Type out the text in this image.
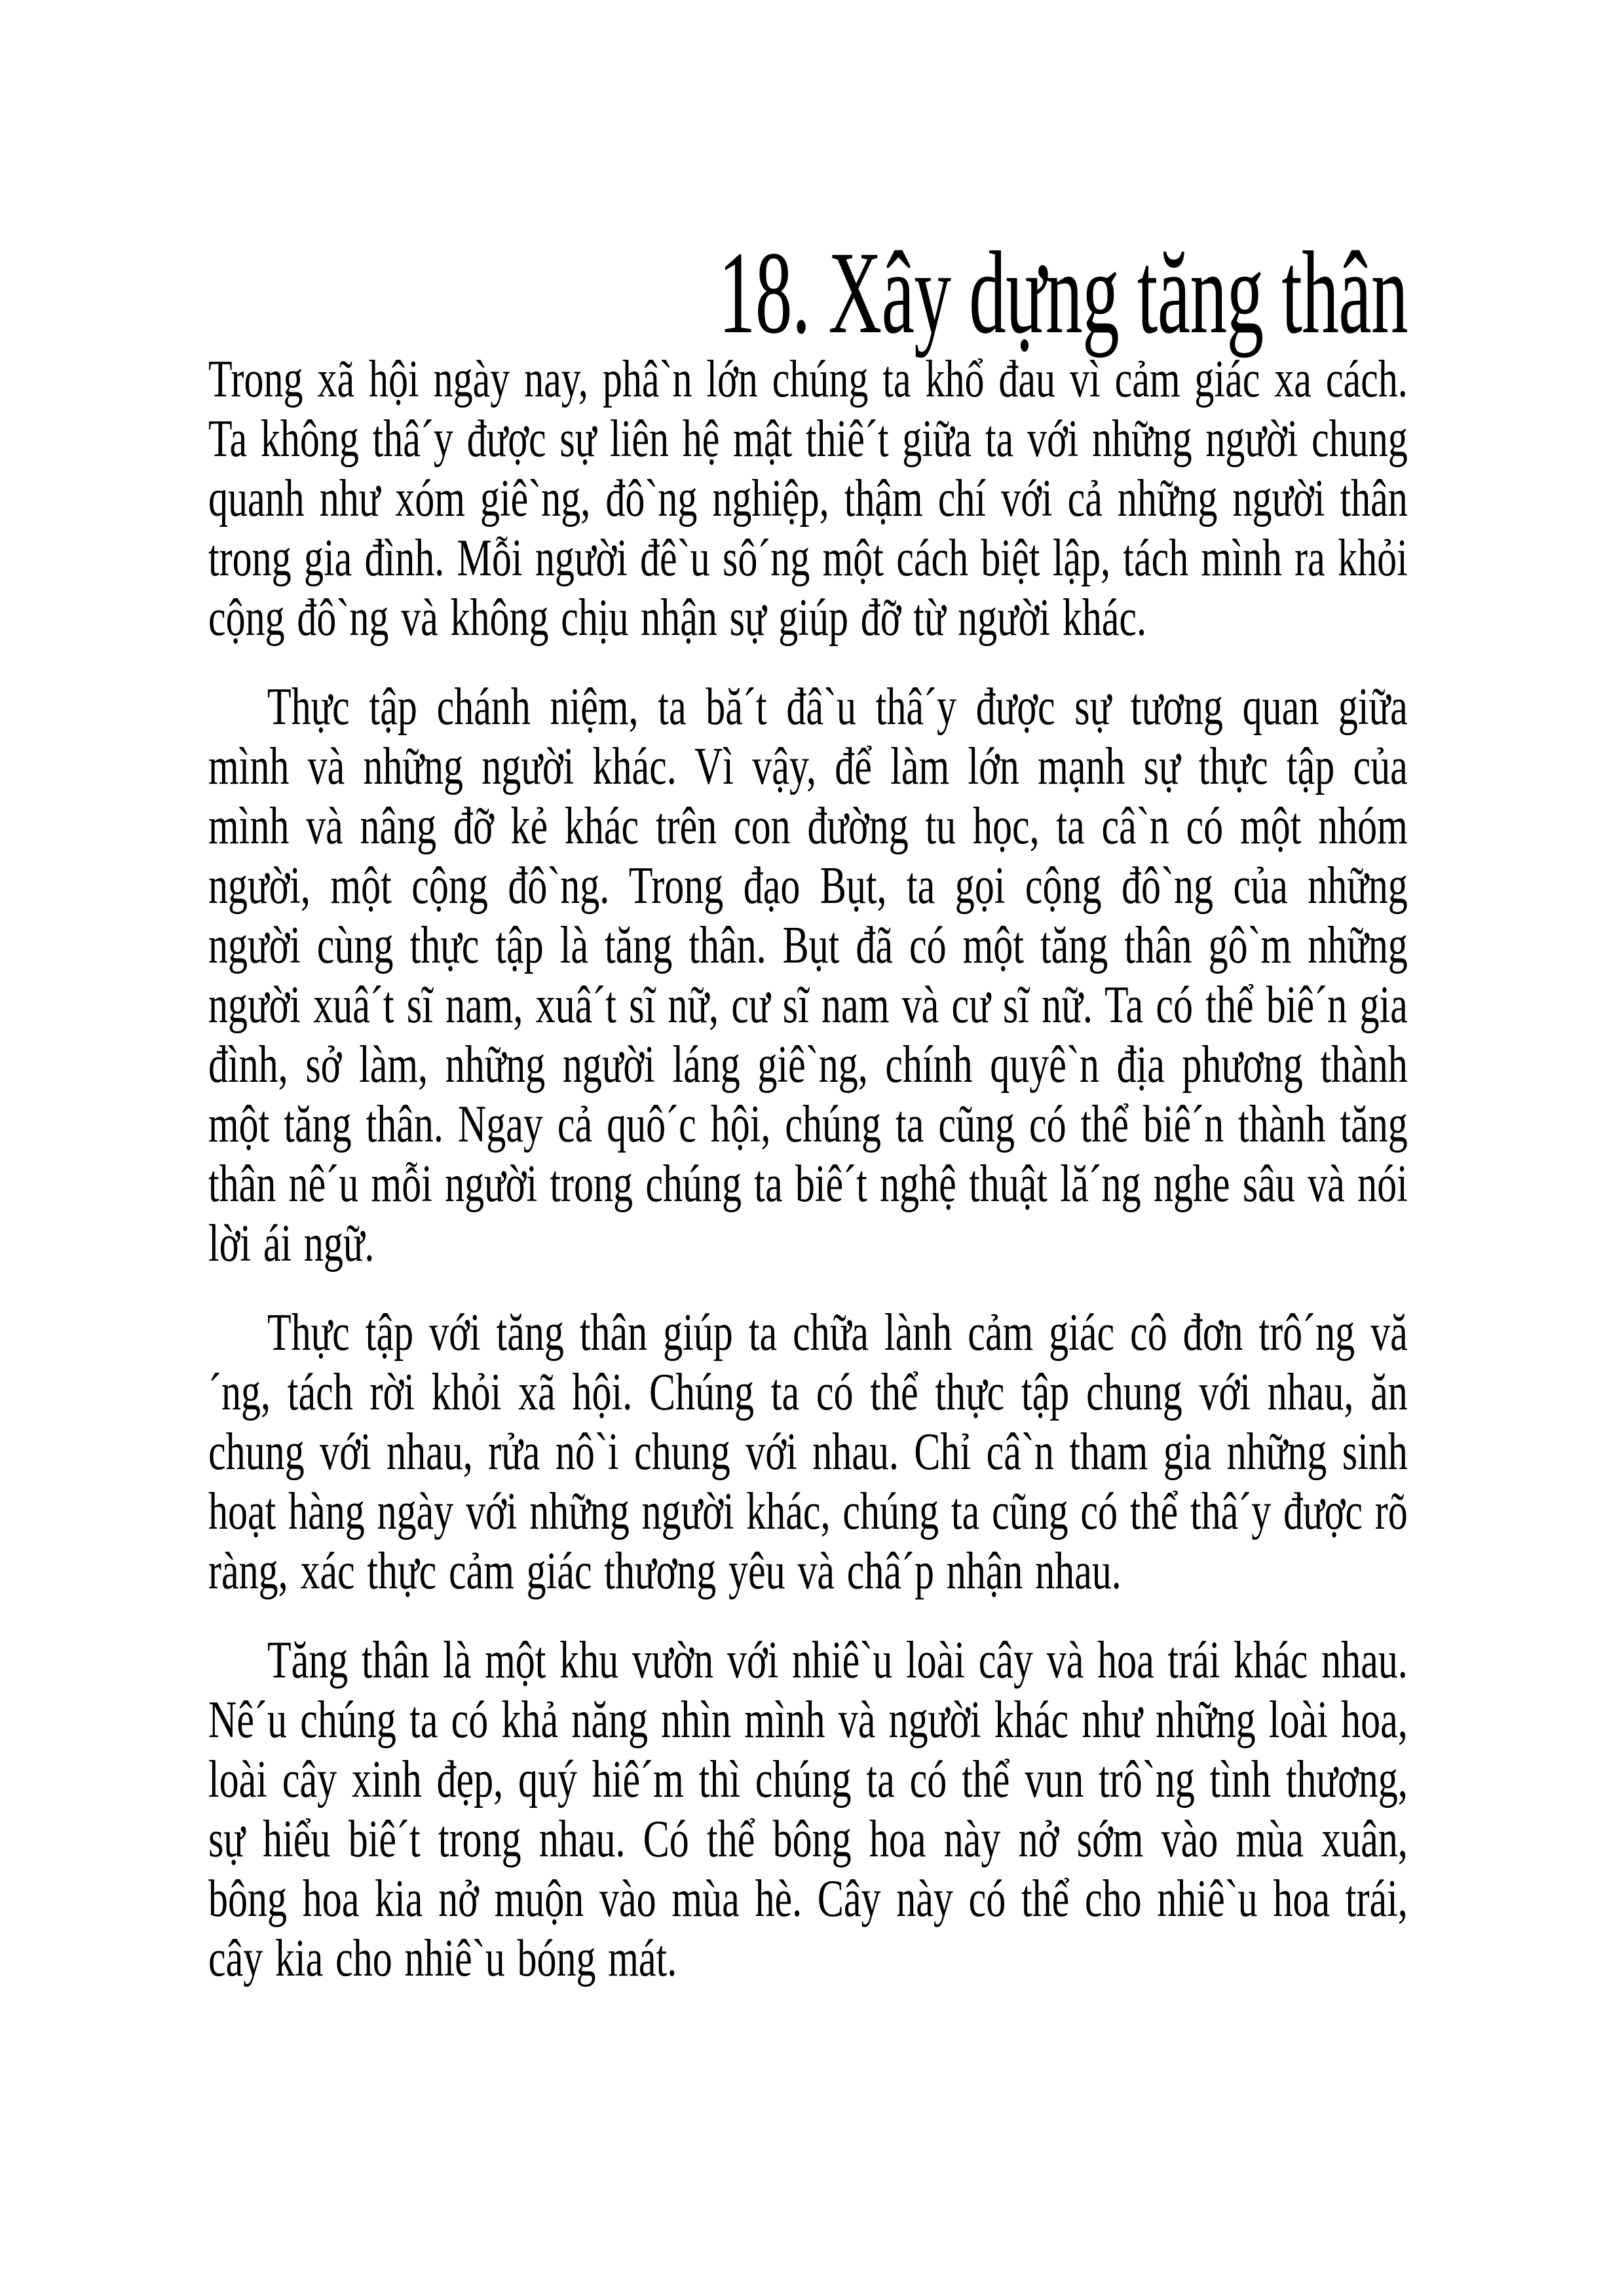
18. Xây dựng tăng thân

Trong xã hội ngày nay, phâ`n lớn chúng ta khổ đau vì cảm giác xa cách. Ta không thâ´y được sự liên hệ mật thiê´t giữa ta với những người chung quanh như xóm giê`ng, đô`ng nghiệp, thậm chí với cả những người thân trong gia đình. Mỗi người đê`u sô´ng một cách biệt lập, tách mình ra khỏi cộng đô`ng và không chịu nhận sự giúp đỡ từ người khác.

Thực tập chánh niệm, ta bă´t đâ`u thâ´y được sự tương quan giữa mình và những người khác. Vì vậy, để làm lớn mạnh sự thực tập của mình và nâng đỡ kẻ khác trên con đường tu học, ta câ`n có một nhóm người, một cộng đô`ng. Trong đạo Bụt, ta gọi cộng đô`ng của những người cùng thực tập là tăng thân. Bụt đã có một tăng thân gô`m những người xuâ´t sĩ nam, xuâ´t sĩ nữ, cư sĩ nam và cư sĩ nữ. Ta có thể biê´n gia đình, sở làm, những người láng giê`ng, chính quyê`n địa phương thành một tăng thân. Ngay cả quô´c hội, chúng ta cũng có thể biê´n thành tăng thân nê´u mỗi người trong chúng ta biê´t nghệ thuật lă´ng nghe sâu và nói lời ái ngữ.

Thực tập với tăng thân giúp ta chữa lành cảm giác cô đơn trô´ng vă´ng, tách rời khỏi xã hội. Chúng ta có thể thực tập chung với nhau, ăn chung với nhau, rửa nô`i chung với nhau. Chỉ câ`n tham gia những sinh hoạt hàng ngày với những người khác, chúng ta cũng có thể thâ´y được rõ ràng, xác thực cảm giác thương yêu và châ´p nhận nhau.

Tăng thân là một khu vườn với nhiê`u loài cây và hoa trái khác nhau. Nê´u chúng ta có khả năng nhìn mình và người khác như những loài hoa, loài cây xinh đẹp, quý hiê´m thì chúng ta có thể vun trô`ng tình thương, sự hiểu biê´t trong nhau. Có thể bông hoa này nở sớm vào mùa xuân, bông hoa kia nở muộn vào mùa hè. Cây này có thể cho nhiê`u hoa trái, cây kia cho nhiê`u bóng mát.
